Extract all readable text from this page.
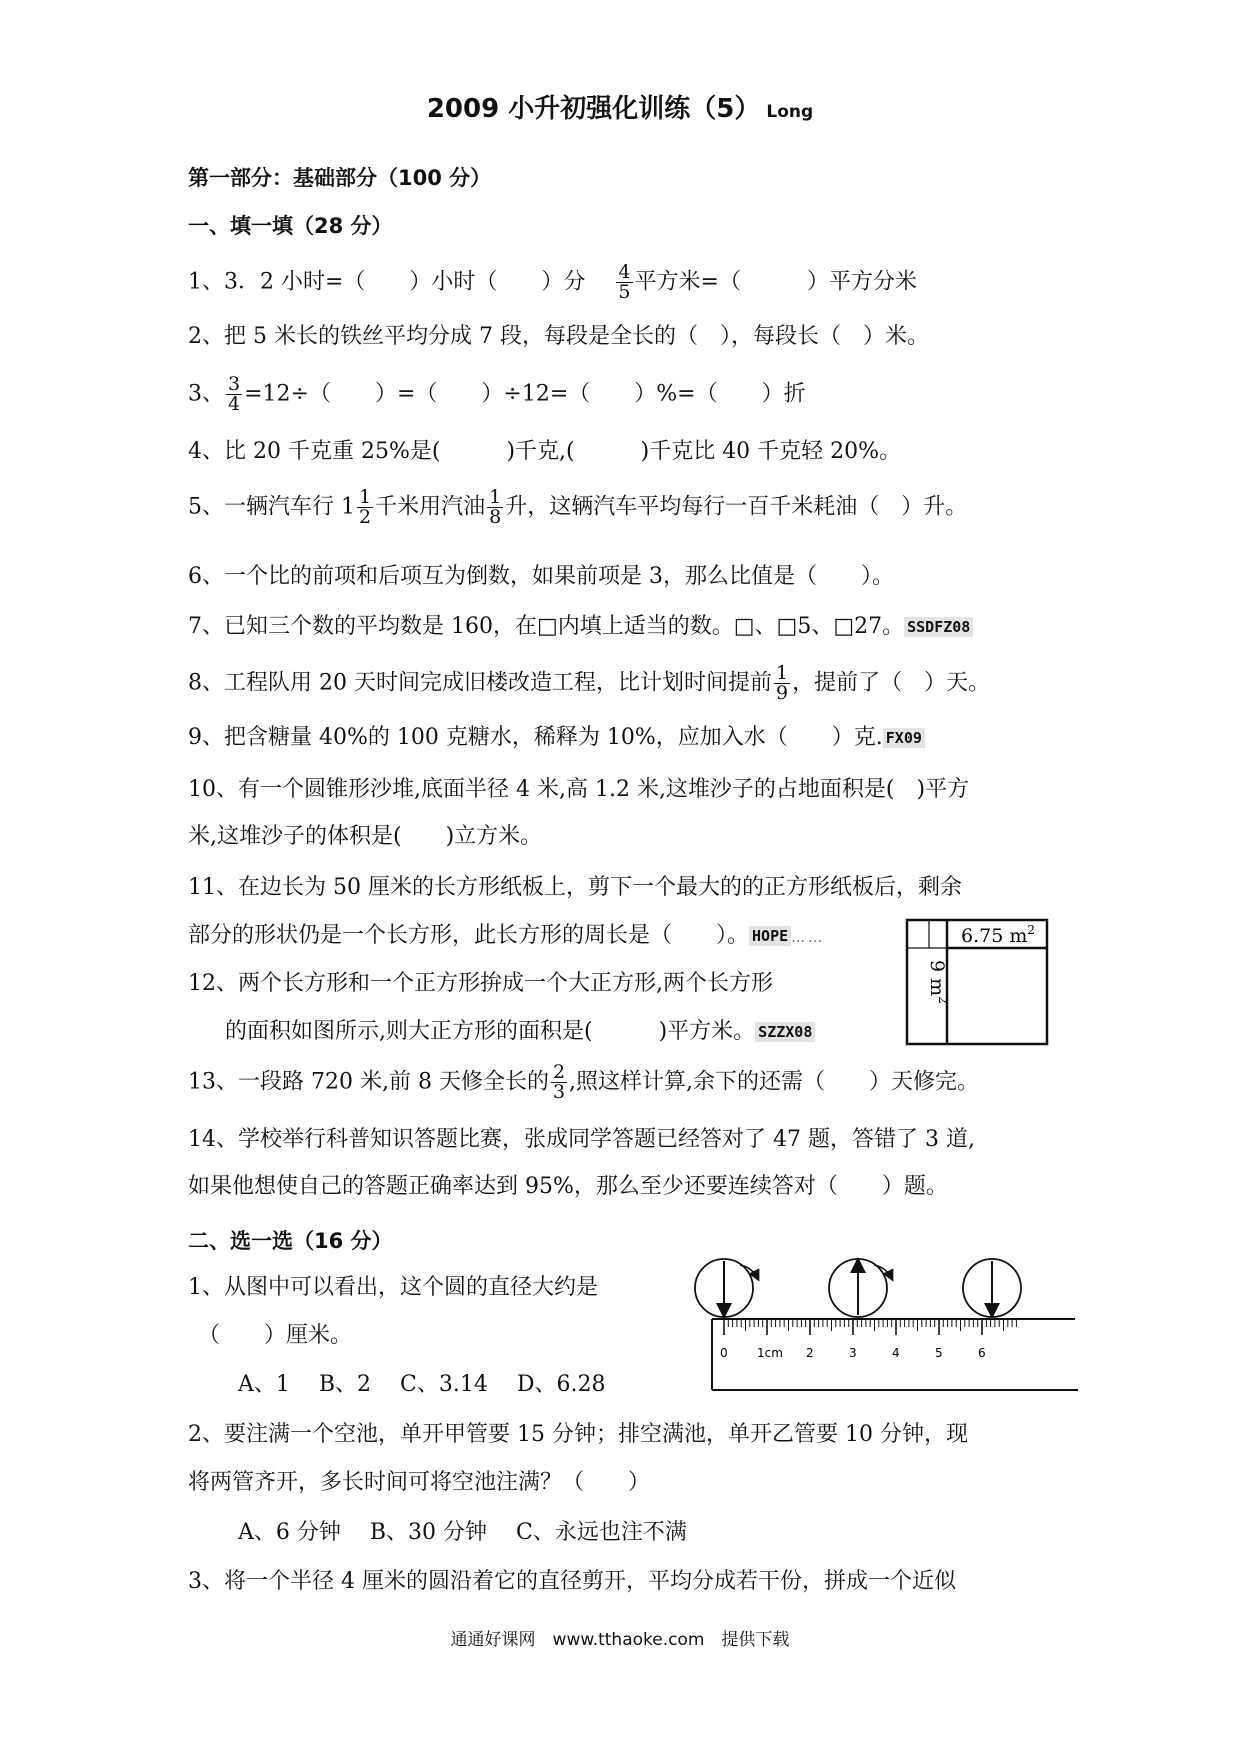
2009 小升初强化训练（5） Long
第一部分：基础部分（100 分）
一、填一填（28 分）
1、3．2 小时=（　　）小时（　　）分　 $\frac{4}{5}$ 平方米=（　　　）平方分米
2、把 5 米长的铁丝平均分成 7 段，每段是全长的（　），每段长（　）米。
3、 $\frac{3}{4} =12\div$（　　）=（　　）÷12=（　　）%=（　　）折
4、比 20 千克重 25%是(　　　)千克,(　　　)千克比 40 千克轻 20%。
5、一辆汽车行 $1 \frac{1}{2}$ 千米用汽油 $\frac{1}{8}$ 升，这辆汽车平均每行一百千米耗油（　）升。
6、一个比的前项和后项互为倒数，如果前项是 3，那么比值是（　　）。
7、已知三个数的平均数是 160，在□内填上适当的数。□、□5、□27。 SSDFZ08
8、工程队用 20 天时间完成旧楼改造工程，比计划时间提前 $\frac{1}{9}$ ，提前了（　）天。
9、把含糖量 40%的 100 克糖水，稀释为 10%，应加入水（　　）克. FX09
10、有一个圆锥形沙堆,底面半径 4 米,高 1.2 米,这堆沙子的占地面积是(　)平方
米,这堆沙子的体积是(　　)立方米。
11、在边长为 50 厘米的长方形纸板上，剪下一个最大的的正方形纸板后，剩余
部分的形状仍是一个长方形，此长方形的周长是（　　）。 HOPE ……
12、两个长方形和一个正方形拚成一个大正方形,两个长方形
的面积如图所示,则大正方形的面积是(　　　)平方米。 SZZX08
6.75 $m^2$
9 $m^2$
13、一段路 720 米,前 8 天修全长的 $\frac{2}{3}$ ,照这样计算,余下的还需（　　）天修完。
14、学校举行科普知识答题比赛，张成同学答题已经答对了 47 题，答错了 3 道,
如果他想使自己的答题正确率达到 95%，那么至少还要连续答对（　　）题。
二、选一选（16 分）
1、从图中可以看出，这个圆的直径大约是
（　　）厘米。
A、1　 B、2　 C、3.14　 D、6.28
0 1cm 2	3	4	5	6
2、要注满一个空池，单开甲管要 15 分钟；排空满池，单开乙管要 10 分钟，现
将两管齐开，多长时间可将空池注满？（　　）
A、6 分钟　 B、30 分钟　 C、永远也注不满
3、将一个半径 4 厘米的圆沿着它的直径剪开，平均分成若干份，拼成一个近似
通通好课网　www.tthaoke.com　提供下载
